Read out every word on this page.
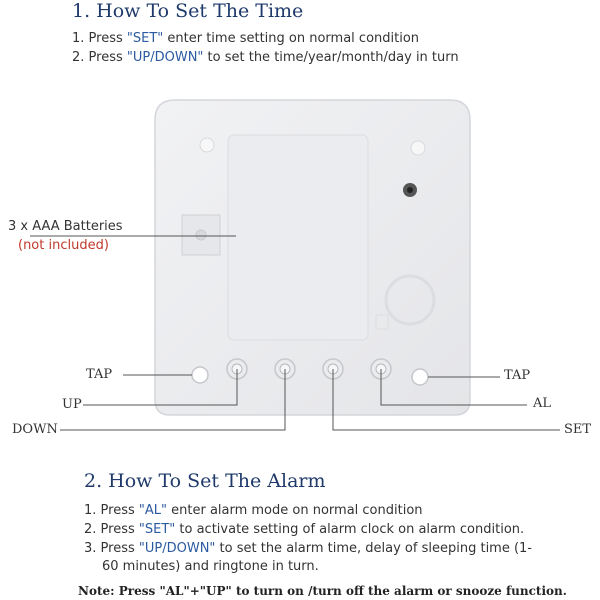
1. How To Set The Time
1. Press "SET" enter time setting on normal condition
2. Press "UP/DOWN" to set the time/year/month/day in turn
3 x AAA Batteries
(not included)
TAP
UP
DOWN
TAP
AL
SET
2. How To Set The Alarm
1. Press "AL" enter alarm mode on normal condition
2. Press "SET" to activate setting of alarm clock on alarm condition.
3. Press "UP/DOWN" to set the alarm time, delay of sleeping time (1-
60 minutes) and ringtone in turn.
Note: Press "AL"+"UP" to turn on /turn off the alarm or snooze function.
